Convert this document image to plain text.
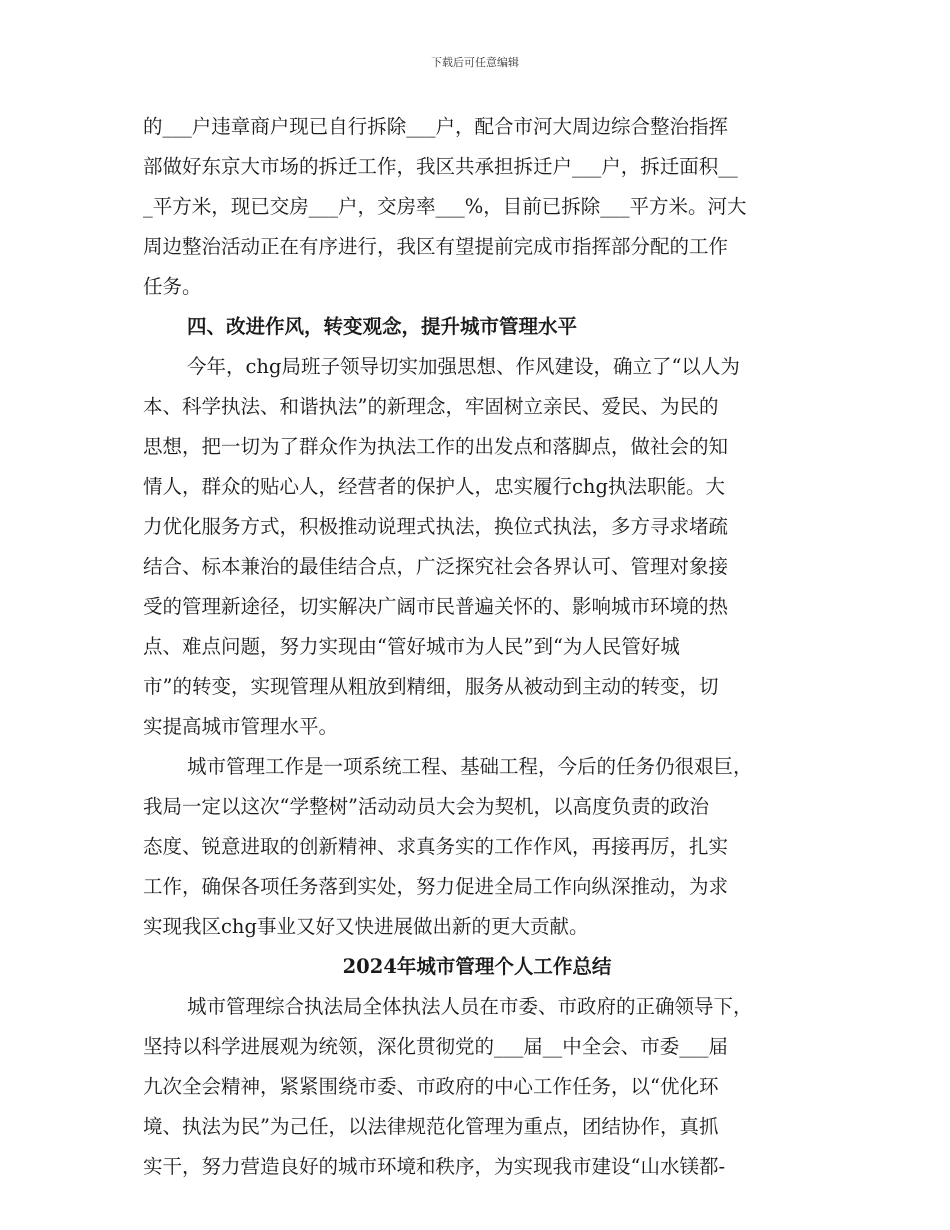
下载后可任意编辑
的___户违章商户现已自行拆除___户，配合市河大周边综合整治指挥
部做好东京大市场的拆迁工作，我区共承担拆迁户___户，拆迁面积__
_平方米，现已交房___户，交房率___%，目前已拆除___平方米。河大
周边整治活动正在有序进行，我区有望提前完成市指挥部分配的工作
任务。
四、改进作风，转变观念，提升城市管理水平
今年，chg局班子领导切实加强思想、作风建设，确立了“以人为
本、科学执法、和谐执法”的新理念，牢固树立亲民、爱民、为民的
思想，把一切为了群众作为执法工作的出发点和落脚点，做社会的知
情人，群众的贴心人，经营者的保护人，忠实履行chg执法职能。大
力优化服务方式，积极推动说理式执法，换位式执法，多方寻求堵疏
结合、标本兼治的最佳结合点，广泛探究社会各界认可、管理对象接
受的管理新途径，切实解决广阔市民普遍关怀的、影响城市环境的热
点、难点问题，努力实现由“管好城市为人民”到“为人民管好城
市”的转变，实现管理从粗放到精细，服务从被动到主动的转变，切
实提高城市管理水平。
城市管理工作是一项系统工程、基础工程，今后的任务仍很艰巨，
我局一定以这次“学整树”活动动员大会为契机，以高度负责的政治
态度、锐意进取的创新精神、求真务实的工作作风，再接再厉，扎实
工作，确保各项任务落到实处，努力促进全局工作向纵深推动，为求
实现我区chg事业又好又快进展做出新的更大贡献。
2024年城市管理个人工作总结
城市管理综合执法局全体执法人员在市委、市政府的正确领导下，
坚持以科学进展观为统领，深化贯彻党的___届__中全会、市委___届
九次全会精神，紧紧围绕市委、市政府的中心工作任务，以“优化环
境、执法为民”为己任，以法律规范化管理为重点，团结协作，真抓
实干，努力营造良好的城市环境和秩序，为实现我市建设“山水镁都-
